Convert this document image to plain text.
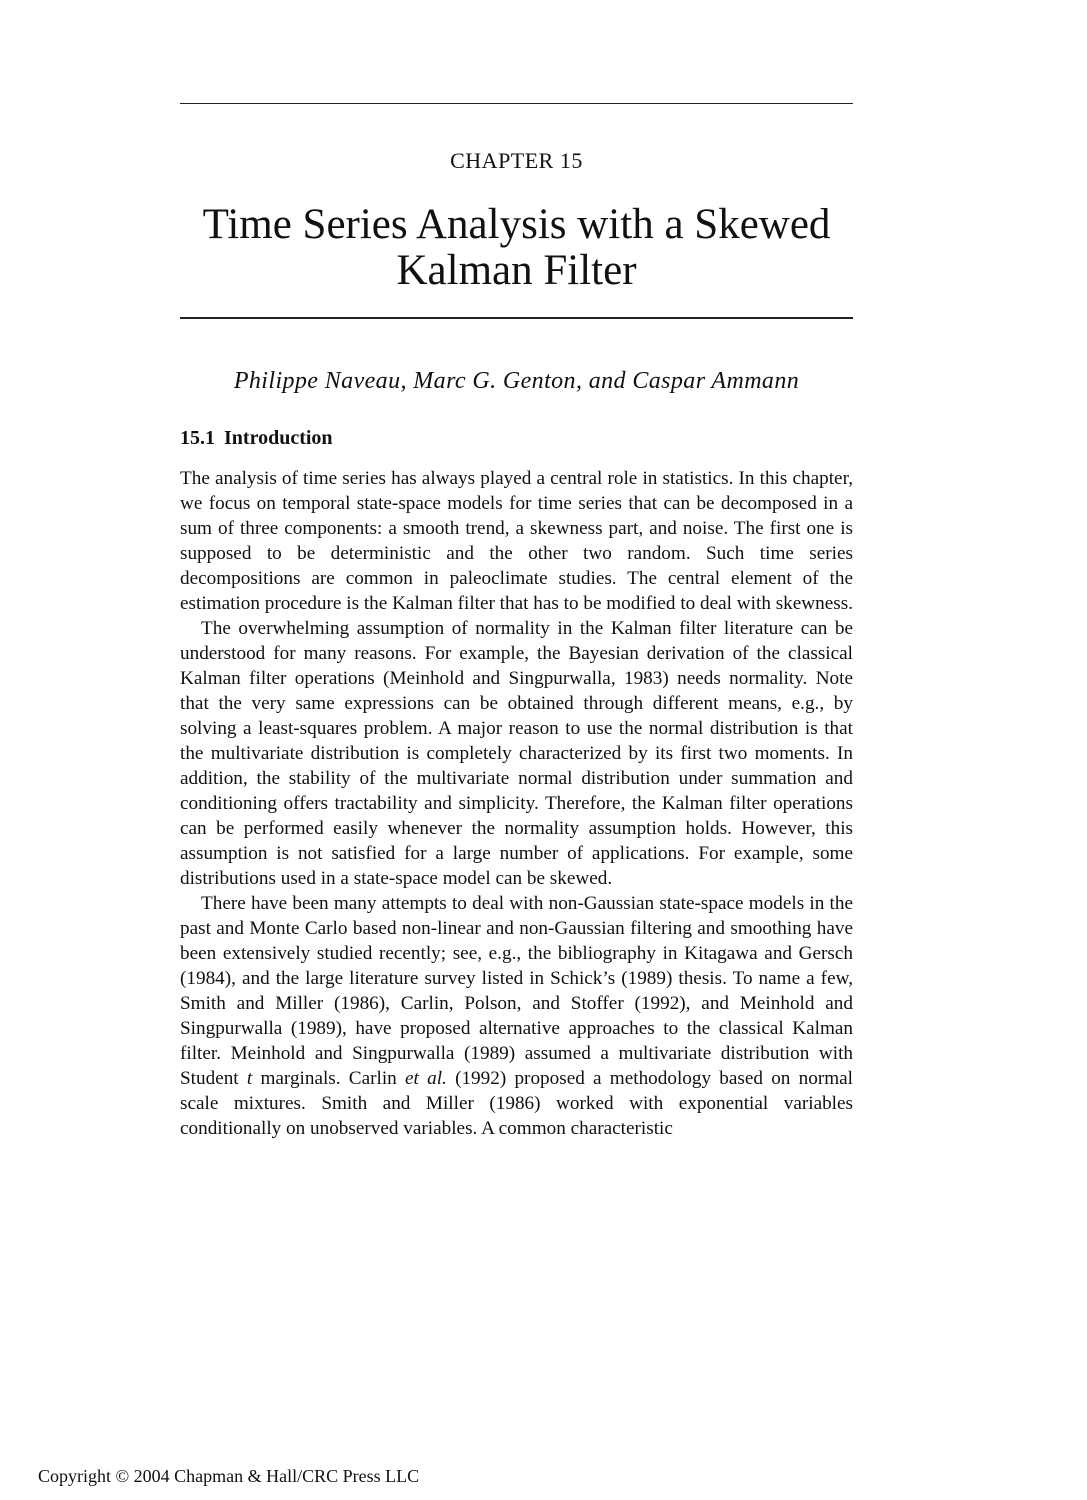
CHAPTER 15
Time Series Analysis with a Skewed Kalman Filter
Philippe Naveau, Marc G. Genton, and Caspar Ammann
15.1 Introduction

The analysis of time series has always played a central role in statistics. In this chapter, we focus on temporal state-space models for time series that can be decomposed in a sum of three components: a smooth trend, a skewness part, and noise. The first one is supposed to be deterministic and the other two random. Such time series decompositions are common in paleoclimate studies. The central element of the estimation procedure is the Kalman filter that has to be modified to deal with skewness.

The overwhelming assumption of normality in the Kalman filter literature can be understood for many reasons. For example, the Bayesian derivation of the classical Kalman filter operations (Meinhold and Singpurwalla, 1983) needs normality. Note that the very same expressions can be obtained through different means, e.g., by solving a least-squares problem. A major reason to use the normal distribution is that the multivariate distribution is completely characterized by its first two moments. In addition, the stability of the multivariate normal distribution under summation and conditioning offers tractability and simplicity. Therefore, the Kalman filter operations can be performed easily whenever the normality assumption holds. However, this assumption is not satisfied for a large number of applications. For example, some distributions used in a state-space model can be skewed.

There have been many attempts to deal with non-Gaussian state-space models in the past and Monte Carlo based non-linear and non-Gaussian filtering and smoothing have been extensively studied recently; see, e.g., the bibliography in Kitagawa and Gersch (1984), and the large literature survey listed in Schick’s (1989) thesis. To name a few, Smith and Miller (1986), Carlin, Polson, and Stoffer (1992), and Meinhold and Singpurwalla (1989), have proposed alternative approaches to the classical Kalman filter. Meinhold and Singpurwalla (1989) assumed a multivariate distribution with Student t marginals. Carlin et al. (1992) proposed a methodology based on normal scale mixtures. Smith and Miller (1986) worked with exponential variables conditionally on unobserved variables. A common characteristic

Copyright © 2004 Chapman & Hall/CRC Press LLC
